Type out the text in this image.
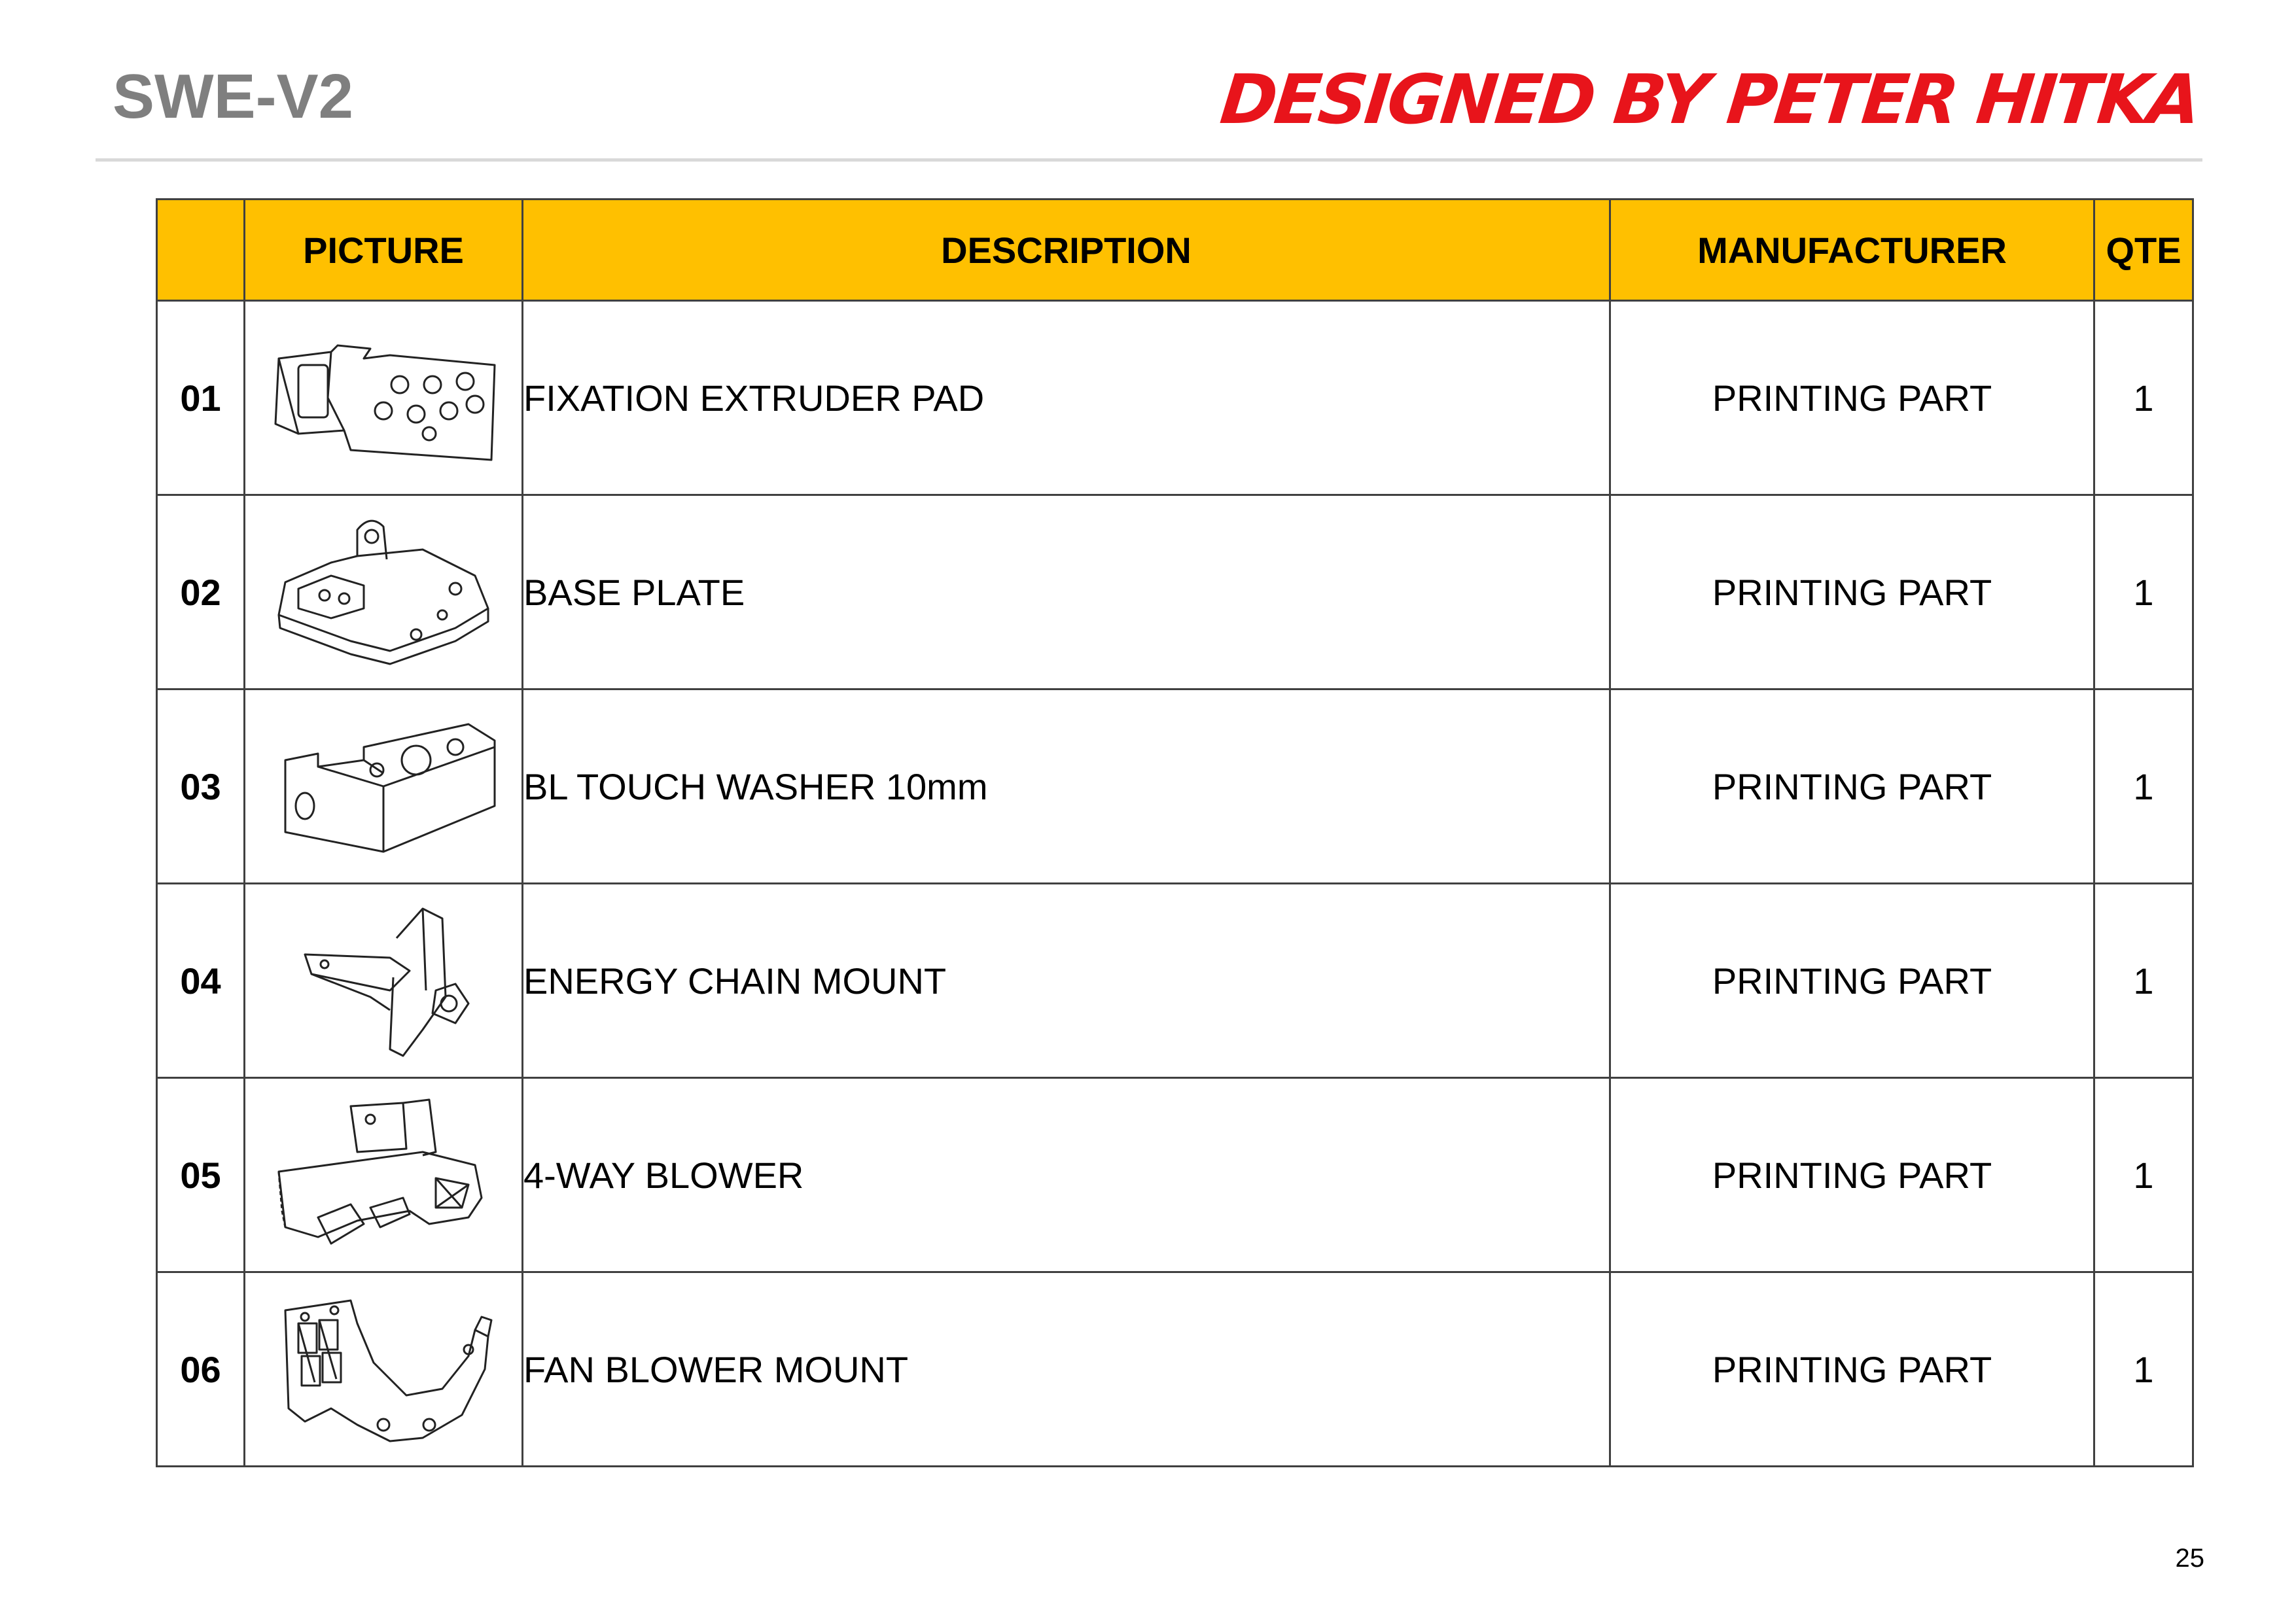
SWE-V2	DESIGNED BY PETER HITKA
	PICTURE	DESCRIPTION	MANUFACTURER	QTE
01		FIXATION EXTRUDER PAD	PRINTING PART	1
02		BASE PLATE	PRINTING PART	1
03		BL TOUCH WASHER 10mm	PRINTING PART	1
04		ENERGY CHAIN MOUNT	PRINTING PART	1
05		4-WAY BLOWER	PRINTING PART	1
06		FAN BLOWER MOUNT	PRINTING PART	1
25
